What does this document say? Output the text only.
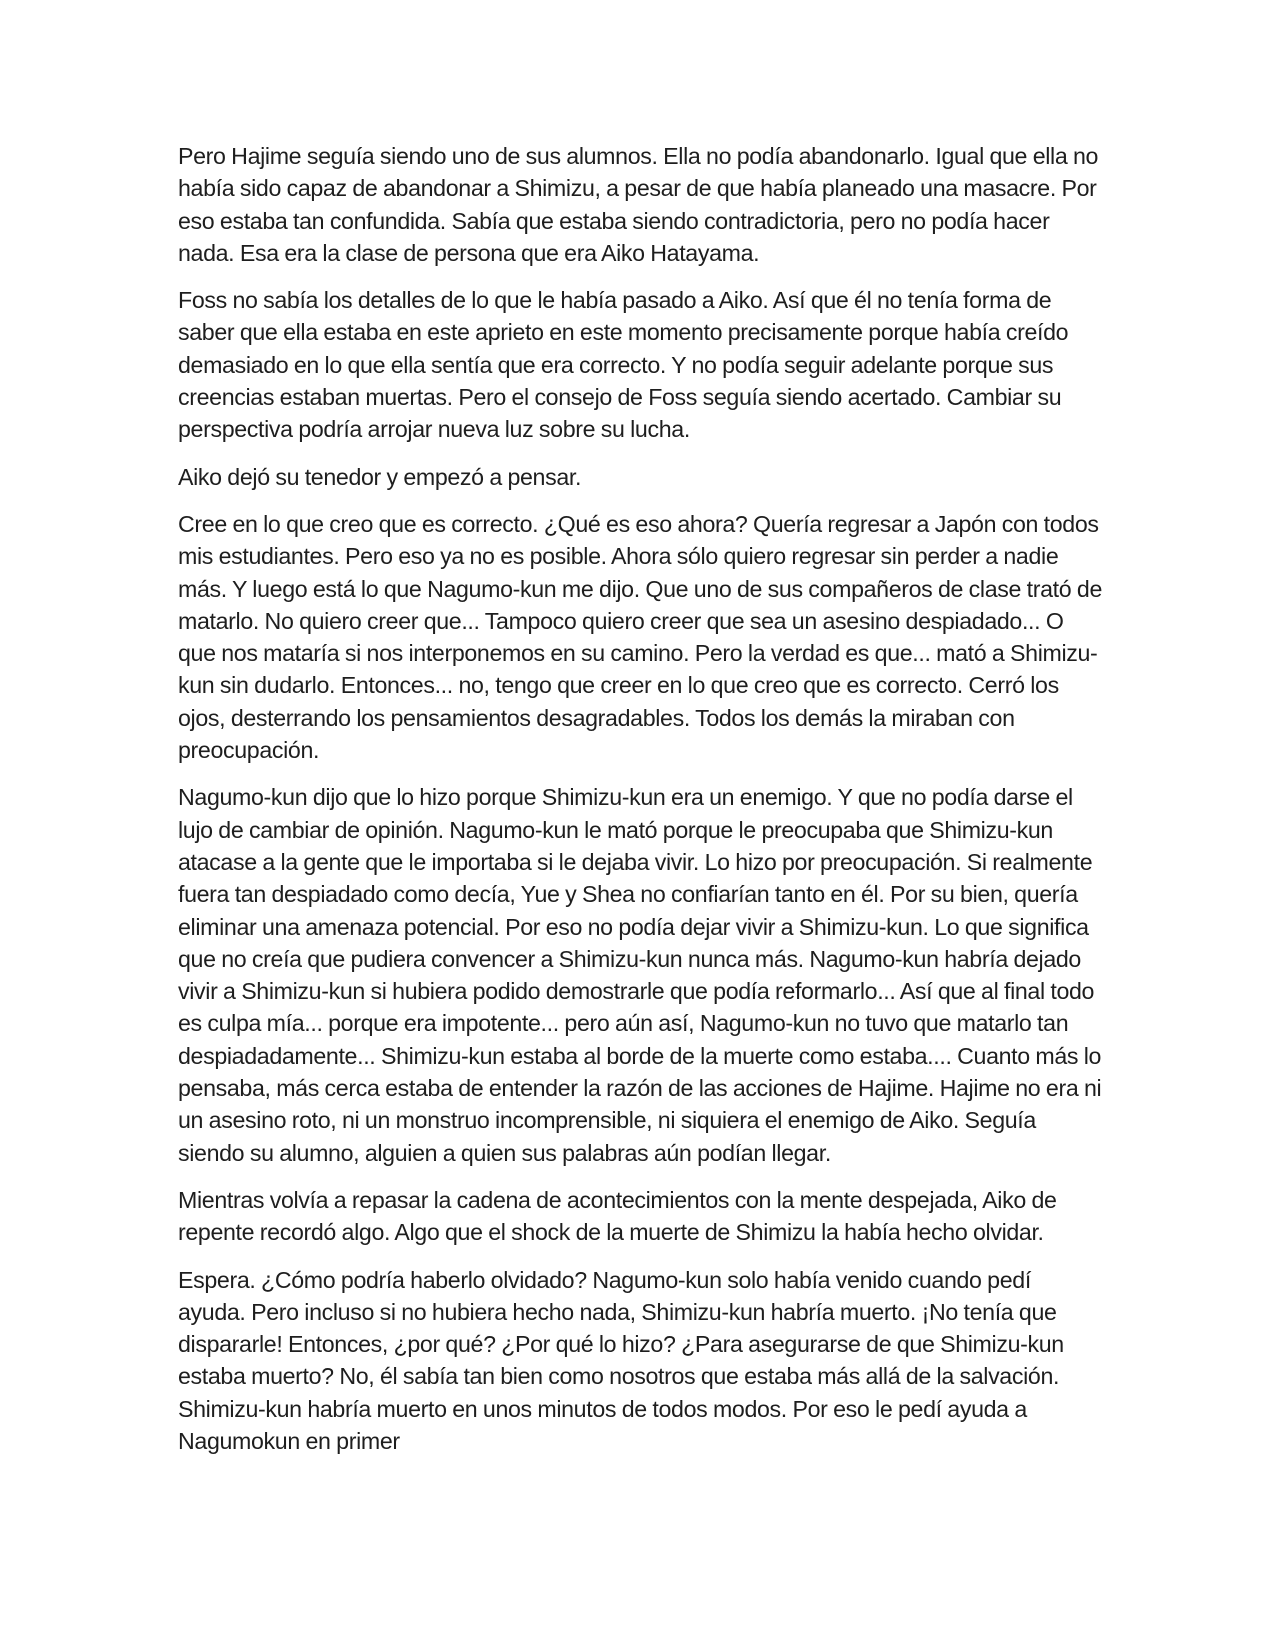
Pero Hajime seguía siendo uno de sus alumnos. Ella no podía abandonarlo. Igual que ella no había sido capaz de abandonar a Shimizu, a pesar de que había planeado una masacre. Por eso estaba tan confundida. Sabía que estaba siendo contradictoria, pero no podía hacer nada. Esa era la clase de persona que era Aiko Hatayama.

Foss no sabía los detalles de lo que le había pasado a Aiko. Así que él no tenía forma de saber que ella estaba en este aprieto en este momento precisamente porque había creído demasiado en lo que ella sentía que era correcto. Y no podía seguir adelante porque sus creencias estaban muertas. Pero el consejo de Foss seguía siendo acertado. Cambiar su perspectiva podría arrojar nueva luz sobre su lucha.

Aiko dejó su tenedor y empezó a pensar.

Cree en lo que creo que es correcto. ¿Qué es eso ahora? Quería regresar a Japón con todos mis estudiantes. Pero eso ya no es posible. Ahora sólo quiero regresar sin perder a nadie más. Y luego está lo que Nagumo-kun me dijo. Que uno de sus compañeros de clase trató de matarlo. No quiero creer que... Tampoco quiero creer que sea un asesino despiadado... O que nos mataría si nos interponemos en su camino. Pero la verdad es que... mató a Shimizu-kun sin dudarlo. Entonces... no, tengo que creer en lo que creo que es correcto. Cerró los ojos, desterrando los pensamientos desagradables. Todos los demás la miraban con preocupación.

Nagumo-kun dijo que lo hizo porque Shimizu-kun era un enemigo. Y que no podía darse el lujo de cambiar de opinión. Nagumo-kun le mató porque le preocupaba que Shimizu-kun atacase a la gente que le importaba si le dejaba vivir. Lo hizo por preocupación. Si realmente fuera tan despiadado como decía, Yue y Shea no confiarían tanto en él. Por su bien, quería eliminar una amenaza potencial. Por eso no podía dejar vivir a Shimizu-kun. Lo que significa que no creía que pudiera convencer a Shimizu-kun nunca más. Nagumo-kun habría dejado vivir a Shimizu-kun si hubiera podido demostrarle que podía reformarlo... Así que al final todo es culpa mía... porque era impotente... pero aún así, Nagumo-kun no tuvo que matarlo tan despiadadamente... Shimizu-kun estaba al borde de la muerte como estaba.... Cuanto más lo pensaba, más cerca estaba de entender la razón de las acciones de Hajime. Hajime no era ni un asesino roto, ni un monstruo incomprensible, ni siquiera el enemigo de Aiko. Seguía siendo su alumno, alguien a quien sus palabras aún podían llegar.

Mientras volvía a repasar la cadena de acontecimientos con la mente despejada, Aiko de repente recordó algo. Algo que el shock de la muerte de Shimizu la había hecho olvidar.

Espera. ¿Cómo podría haberlo olvidado? Nagumo-kun solo había venido cuando pedí ayuda. Pero incluso si no hubiera hecho nada, Shimizu-kun habría muerto. ¡No tenía que dispararle! Entonces, ¿por qué? ¿Por qué lo hizo? ¿Para asegurarse de que Shimizu-kun estaba muerto? No, él sabía tan bien como nosotros que estaba más allá de la salvación. Shimizu-kun habría muerto en unos minutos de todos modos. Por eso le pedí ayuda a Nagumokun en primer
